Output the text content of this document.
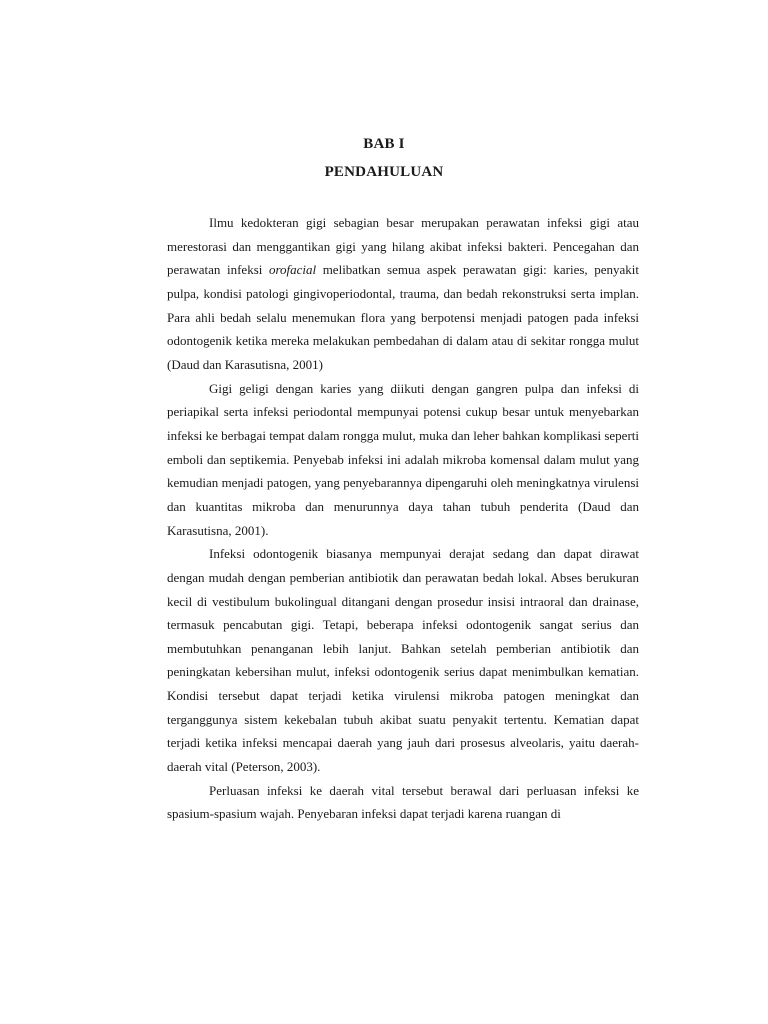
BAB I
PENDAHULUAN

Ilmu kedokteran gigi sebagian besar merupakan perawatan infeksi gigi atau merestorasi dan menggantikan gigi yang hilang akibat infeksi bakteri. Pencegahan dan perawatan infeksi orofacial melibatkan semua aspek perawatan gigi: karies, penyakit pulpa, kondisi patologi gingivoperiodontal, trauma, dan bedah rekonstruksi serta implan. Para ahli bedah selalu menemukan flora yang berpotensi menjadi patogen pada infeksi odontogenik ketika mereka melakukan pembedahan di dalam atau di sekitar rongga mulut (Daud dan Karasutisna, 2001)

Gigi geligi dengan karies yang diikuti dengan gangren pulpa dan infeksi di periapikal serta infeksi periodontal mempunyai potensi cukup besar untuk menyebarkan infeksi ke berbagai tempat dalam rongga mulut, muka dan leher bahkan komplikasi seperti emboli dan septikemia. Penyebab infeksi ini adalah mikroba komensal dalam mulut yang kemudian menjadi patogen, yang penyebarannya dipengaruhi oleh meningkatnya virulensi dan kuantitas mikroba dan menurunnya daya tahan tubuh penderita (Daud dan Karasutisna, 2001).

Infeksi odontogenik biasanya mempunyai derajat sedang dan dapat dirawat dengan mudah dengan pemberian antibiotik dan perawatan bedah lokal. Abses berukuran kecil di vestibulum bukolingual ditangani dengan prosedur insisi intraoral dan drainase, termasuk pencabutan gigi. Tetapi, beberapa infeksi odontogenik sangat serius dan membutuhkan penanganan lebih lanjut. Bahkan setelah pemberian antibiotik dan peningkatan kebersihan mulut, infeksi odontogenik serius dapat menimbulkan kematian. Kondisi tersebut dapat terjadi ketika virulensi mikroba patogen meningkat dan terganggunya sistem kekebalan tubuh akibat suatu penyakit tertentu. Kematian dapat terjadi ketika infeksi mencapai daerah yang jauh dari prosesus alveolaris, yaitu daerah-daerah vital (Peterson, 2003).

Perluasan infeksi ke daerah vital tersebut berawal dari perluasan infeksi ke spasium-spasium wajah. Penyebaran infeksi dapat terjadi karena ruangan di
